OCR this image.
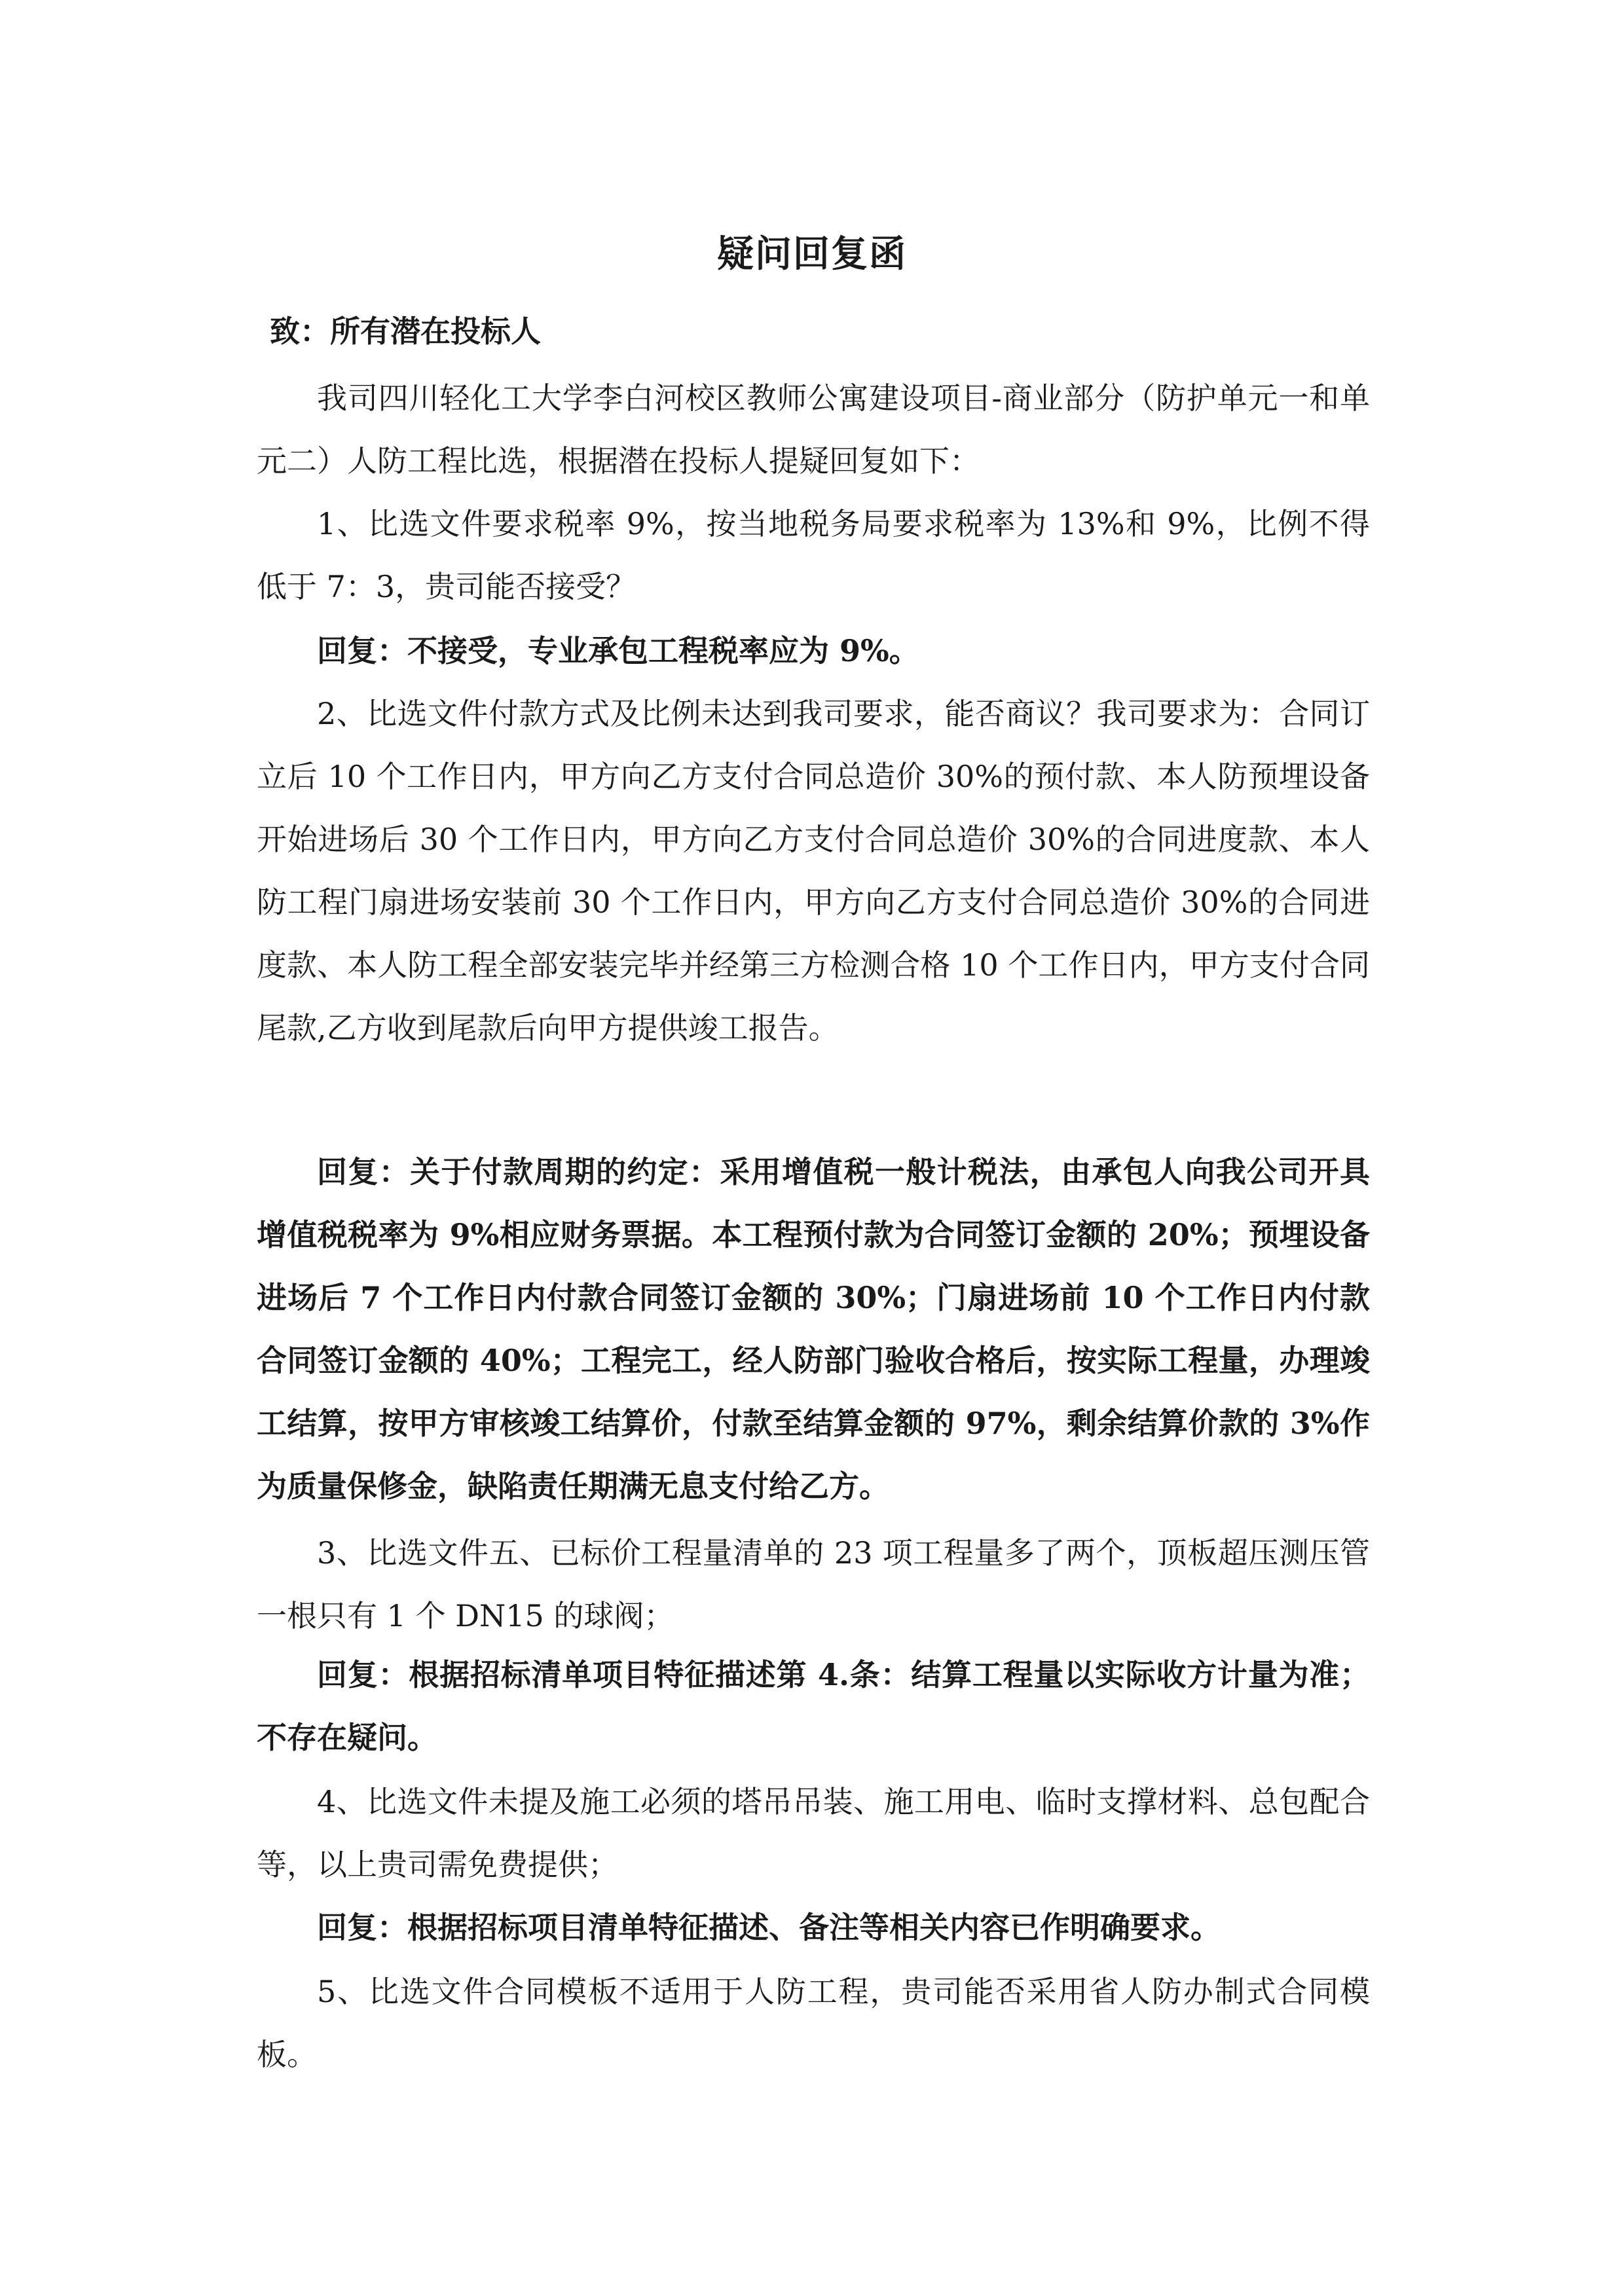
疑问回复函
致：所有潜在投标人

我司四川轻化工大学李白河校区教师公寓建设项目-商业部分（防护单元一和单元二）人防工程比选，根据潜在投标人提疑回复如下：

1、比选文件要求税率 9%，按当地税务局要求税率为 13%和 9%，比例不得低于 7：3，贵司能否接受？

回复：不接受，专业承包工程税率应为 9%。

2、比选文件付款方式及比例未达到我司要求，能否商议？我司要求为：合同订立后 10 个工作日内，甲方向乙方支付合同总造价 30%的预付款、本人防预埋设备开始进场后 30 个工作日内，甲方向乙方支付合同总造价 30%的合同进度款、本人防工程门扇进场安装前 30 个工作日内，甲方向乙方支付合同总造价 30%的合同进度款、本人防工程全部安装完毕并经第三方检测合格 10 个工作日内，甲方支付合同尾款,乙方收到尾款后向甲方提供竣工报告。

回复：关于付款周期的约定：采用增值税一般计税法，由承包人向我公司开具增值税税率为 9%相应财务票据。本工程预付款为合同签订金额的 20%；预埋设备进场后 7 个工作日内付款合同签订金额的 30%；门扇进场前 10 个工作日内付款合同签订金额的 40%；工程完工，经人防部门验收合格后，按实际工程量，办理竣工结算，按甲方审核竣工结算价，付款至结算金额的 97%，剩余结算价款的 3%作为质量保修金，缺陷责任期满无息支付给乙方。

3、比选文件五、已标价工程量清单的 23 项工程量多了两个，顶板超压测压管一根只有 1 个 DN15 的球阀；

回复：根据招标清单项目特征描述第 4.条：结算工程量以实际收方计量为准；不存在疑问。

4、比选文件未提及施工必须的塔吊吊装、施工用电、临时支撑材料、总包配合等，以上贵司需免费提供；

回复：根据招标项目清单特征描述、备注等相关内容已作明确要求。

5、比选文件合同模板不适用于人防工程，贵司能否采用省人防办制式合同模板。
